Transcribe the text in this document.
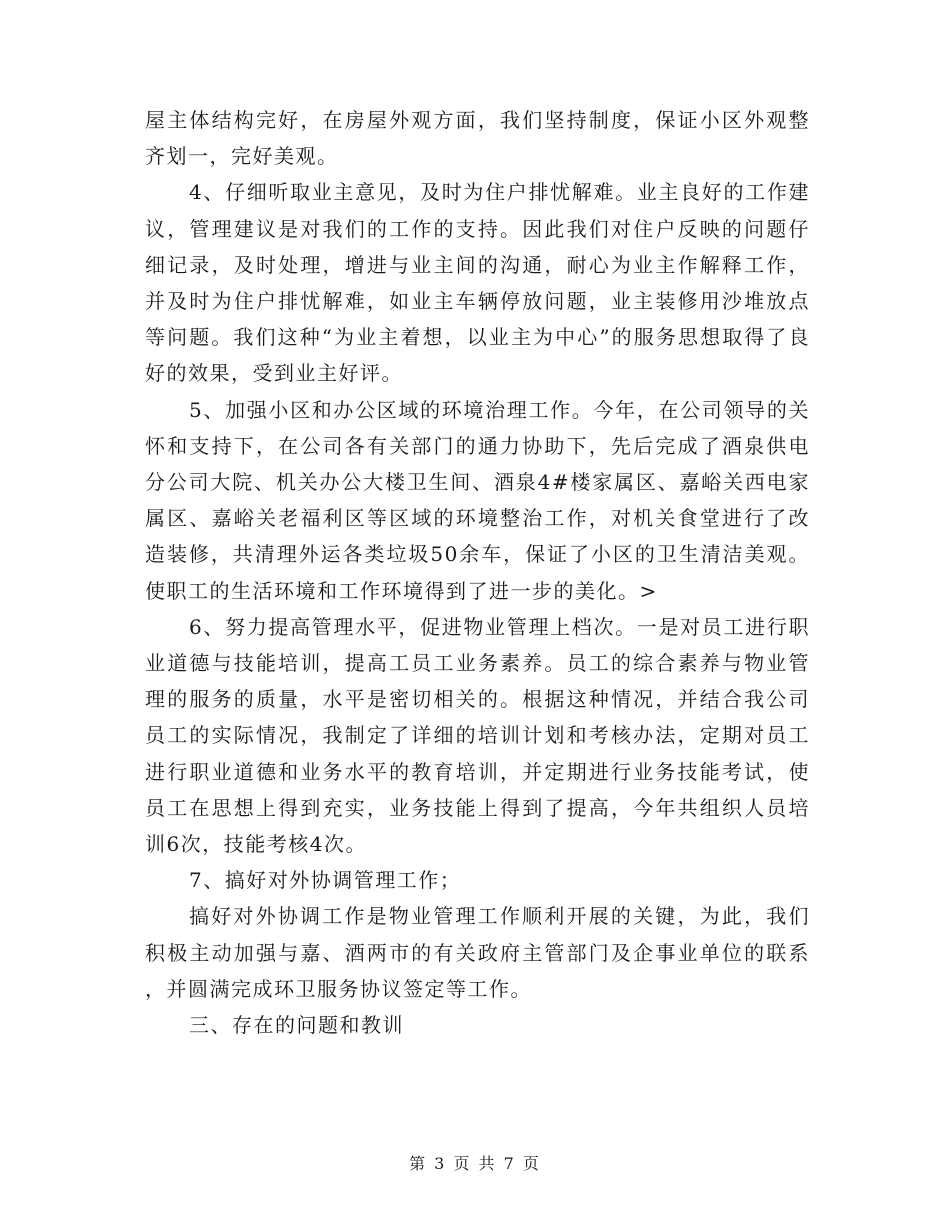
屋主体结构完好，在房屋外观方面，我们坚持制度，保证小区外观整齐划一，完好美观。

4、仔细听取业主意见，及时为住户排忧解难。业主良好的工作建议，管理建议是对我们的工作的支持。因此我们对住户反映的问题仔细记录，及时处理，增进与业主间的沟通，耐心为业主作解释工作，并及时为住户排忧解难，如业主车辆停放问题，业主装修用沙堆放点等问题。我们这种“为业主着想，以业主为中心”的服务思想取得了良好的效果，受到业主好评。

5、加强小区和办公区域的环境治理工作。今年，在公司领导的关怀和支持下，在公司各有关部门的通力协助下，先后完成了酒泉供电分公司大院、机关办公大楼卫生间、酒泉4#楼家属区、嘉峪关西电家属区、嘉峪关老福利区等区域的环境整治工作，对机关食堂进行了改造装修，共清理外运各类垃圾50余车，保证了小区的卫生清洁美观。使职工的生活环境和工作环境得到了进一步的美化。>

6、努力提高管理水平，促进物业管理上档次。一是对员工进行职业道德与技能培训，提高工员工业务素养。员工的综合素养与物业管理的服务的质量，水平是密切相关的。根据这种情况，并结合我公司员工的实际情况，我制定了详细的培训计划和考核办法，定期对员工进行职业道德和业务水平的教育培训，并定期进行业务技能考试，使员工在思想上得到充实，业务技能上得到了提高，今年共组织人员培训6次，技能考核4次。

7、搞好对外协调管理工作；

搞好对外协调工作是物业管理工作顺利开展的关键，为此，我们积极主动加强与嘉、酒两市的有关政府主管部门及企事业单位的联系，并圆满完成环卫服务协议签定等工作。

三、存在的问题和教训

第 3 页 共 7 页
